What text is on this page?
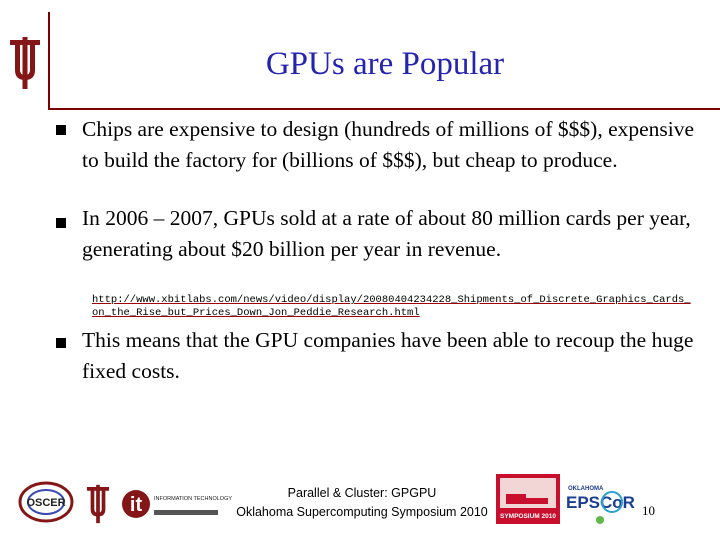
GPUs are Popular
Chips are expensive to design (hundreds of millions of $$$), expensive to build the factory for (billions of $$$), but cheap to produce.
In 2006 – 2007, GPUs sold at a rate of about 80 million cards per year, generating about $20 billion per year in revenue.
http://www.xbitlabs.com/news/video/display/20080404234228_Shipments_of_Discrete_Graphics_Cards_on_the_Rise_but_Prices_Down_Jon_Peddie_Research.html
This means that the GPU companies have been able to recoup the huge fixed costs.
OSCER	it INFORMATION TECHNOLOGY	Parallel & Cluster: GPGPU
Oklahoma Supercomputing Symposium 2010	SYMPOSIUM 2010
OKLAHOMA
EPSCoR 10
